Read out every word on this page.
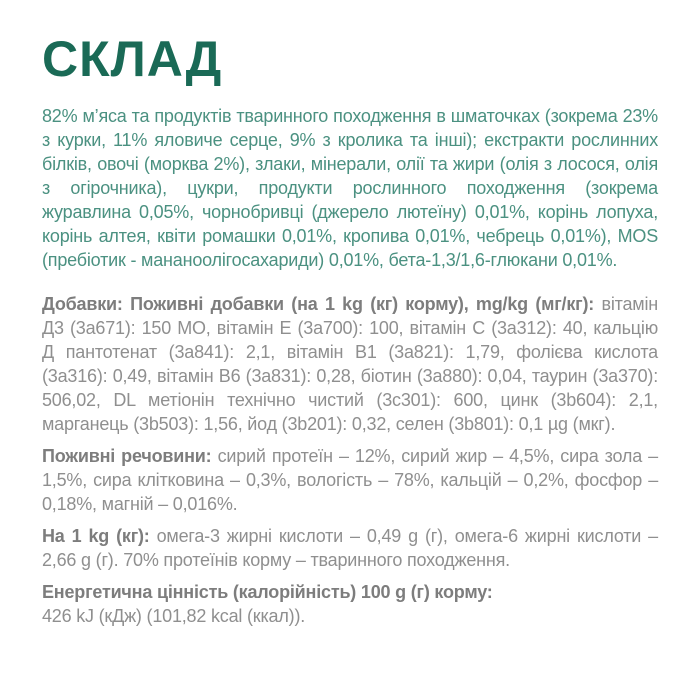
СКЛАД

82% м’яса та продуктів тваринного походження в шматочках (зокрема 23% з курки, 11% яловиче серце, 9% з кролика та інші); екстракти рослинних білків, овочі (морква 2%), злаки, мінерали, олії та жири (олія з лосося, олія з огірочника), цукри, продукти рослинного походження (зокрема журавлина 0,05%, чорнобривці (джерело лютеїну) 0,01%, корінь лопуха, корінь алтея, квіти ромашки 0,01%, кропива 0,01%, чебрець 0,01%), MOS (пребіотик - мананоолігосахариди) 0,01%, бета-1,3/1,6-глюкани 0,01%.

Добавки: Поживні добавки (на 1 kg (кг) корму), mg/kg (мг/кг): вітамін Д3 (3а671): 150 МО, вітамін Е (3а700): 100, вітамін С (3а312): 40, кальцію Д пантотенат (3а841): 2,1, вітамін В1 (3а821): 1,79, фолієва кислота (3а316): 0,49, вітамін В6 (3а831): 0,28, біотин (3а880): 0,04, таурин (3а370): 506,02, DL метіонін технічно чистий (3c301): 600, цинк (3b604): 2,1, марганець (3b503): 1,56, йод (3b201): 0,32, селен (3b801): 0,1 µg (мкг).

Поживні речовини: сирий протеїн – 12%, сирий жир – 4,5%, сира зола – 1,5%, сира клітковина – 0,3%, вологість – 78%, кальцій – 0,2%, фосфор – 0,18%, магній – 0,016%.

На 1 kg (кг): омега-3 жирні кислоти – 0,49 g (г), омега-6 жирні кислоти – 2,66 g (г). 70% протеїнів корму – тваринного походження.

Енергетична цінність (калорійність) 100 g (г) корму:
426 kJ (кДж) (101,82 kcal (ккал)).
